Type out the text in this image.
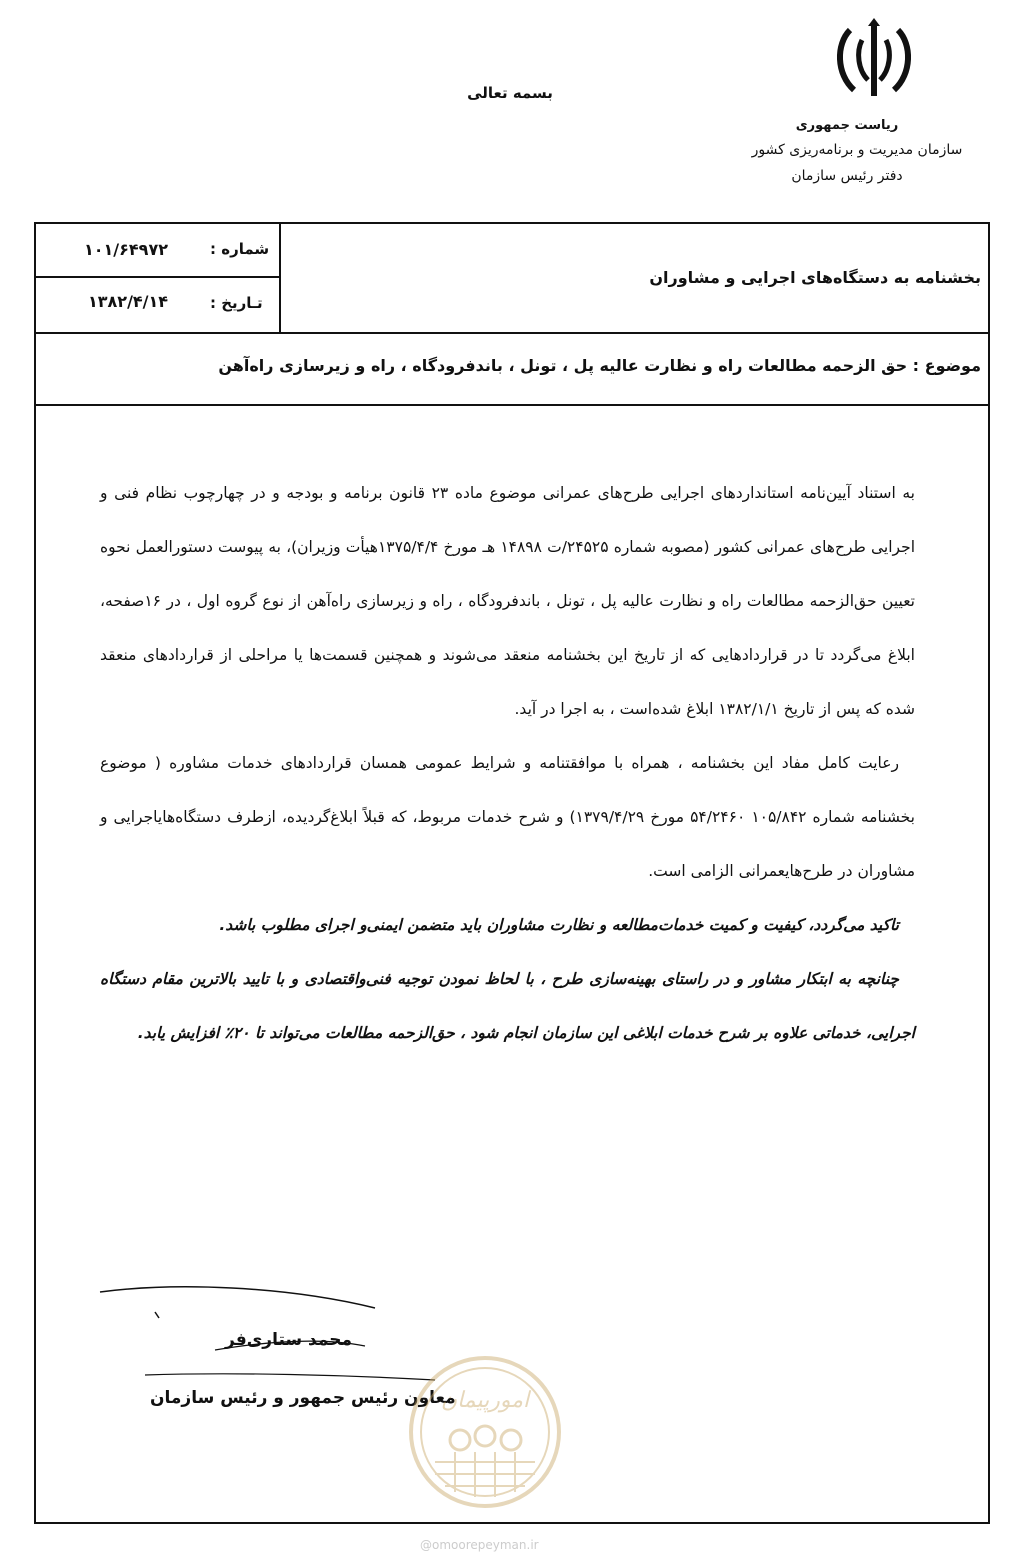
بسمه تعالی
ریاست جمهوری
سازمان مدیریت و برنامه‌ریزی کشور
دفتر رئیس سازمان
شماره :
۱۰۱/۶۴۹۷۲
تـاریخ :
۱۳۸۲/۴/۱۴
بخشنامه به دستگاه‌های اجرایی و مشاوران
موضوع : حق الزحمه مطالعات راه و نظارت عالیه پل ، تونل ، باندفرودگاه ، راه و زیرسازی راه‌آهن

به استناد آیین‌نامه استانداردهای اجرایی طرح‌های عمرانی موضوع ماده ۲۳ قانون برنامه و بودجه و در چهارچوب نظام فنی و اجرایی طرح‌های عمرانی کشور (مصوبه شماره ۲۴۵۲۵/ت ۱۴۸۹۸ هـ مورخ ۱۳۷۵/۴/۴هیأت وزیران)، به پیوست دستورالعمل نحوه تعیین حق‌الزحمه مطالعات راه و نظارت عالیه پل ، تونل ، باندفرودگاه ، راه و زیرسازی راه‌آهن از نوع گروه اول ، در ۱۶صفحه، ابلاغ می‌گردد تا در قراردادهایی که از تاریخ این بخشنامه منعقد می‌شوند و همچنین قسمت‌ها یا مراحلی از قراردادهای منعقد شده که پس از تاریخ ۱۳۸۲/۱/۱ ابلاغ شده‌است ، به اجرا در آید.

رعایت کامل مفاد این بخشنامه ، همراه با موافقتنامه و شرایط عمومی همسان قراردادهای خدمات مشاوره ( موضوع بخشنامه شماره ۱۰۵/۸۴۲ ۵۴/۲۴۶۰ مورخ ۱۳۷۹/۴/۲۹) و شرح خدمات مربوط، که قبلاً ابلاغ‌گردیده، ازطرف دستگاه‌هایاجرایی و مشاوران در طرح‌هایعمرانی الزامی است.

تاکید می‌گردد، کیفیت و کمیت خدمات‌مطالعه و نظارت مشاوران باید متضمن ایمنی‌و اجرای مطلوب باشد.

چنانچه به ابتکار مشاور و در راستای بهینه‌سازی طرح ، با لحاظ نمودن توجیه فنی‌واقتصادی و با تایید بالاترین مقام دستگاه اجرایی، خدماتی علاوه بر شرح خدمات ابلاغی این سازمان انجام شود ، حق‌الزحمه مطالعات می‌تواند تا ۲۰٪ افزایش یابد.

محمد ستاری‌فر
معاون رئیس جمهور و رئیس سازمان
امورپیمان
@omoorepeyman.ir
